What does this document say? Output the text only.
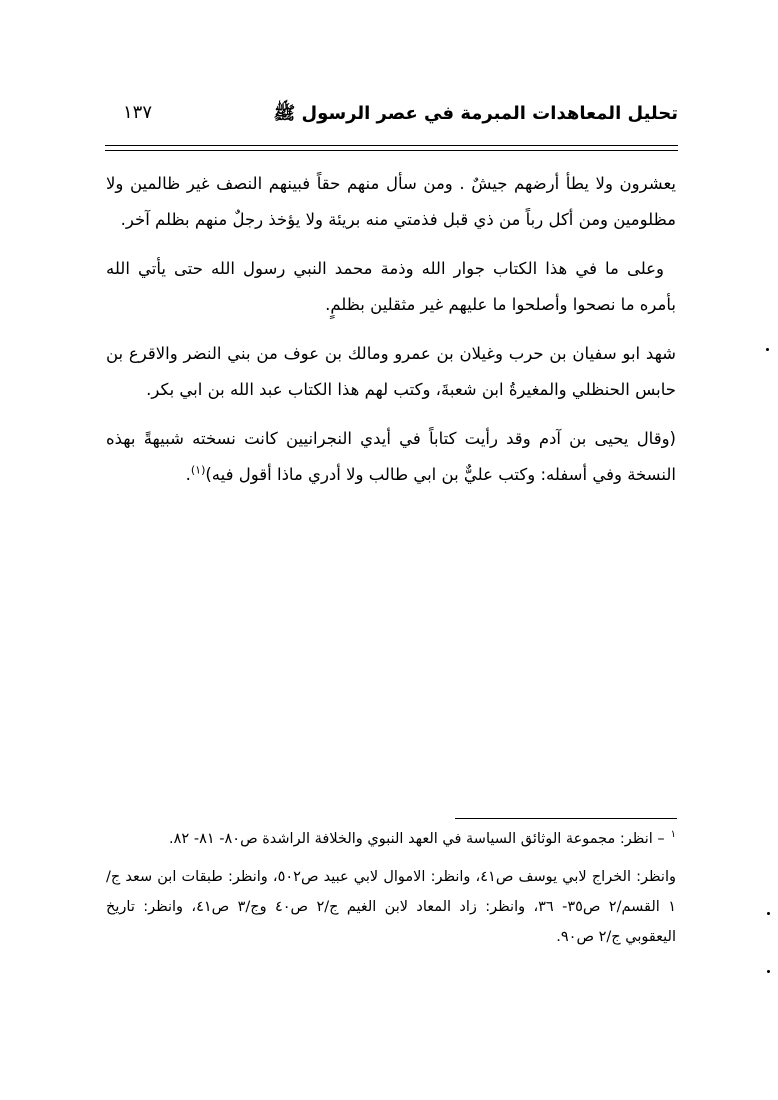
تحليل المعاهدات المبرمة في عصر الرسول ﷺ
١٣٧

يعشرون ولا يطأ أرضهم جيشٌ . ومن سأل منهم حقاً فبينهم النصف غير ظالمين ولا مظلومين ومن أكل رباً من ذي قبل فذمتي منه بريئة ولا يؤخذ رجلٌ منهم بظلم آخر.

وعلى ما في هذا الكتاب جوار الله وذمة محمد النبي رسول الله حتى يأتي الله بأمره ما نصحوا وأصلحوا ما عليهم غير مثقلين بظلمٍ.

شهد ابو سفيان بن حرب وغيلان بن عمرو ومالك بن عوف من بني النضر والاقرع بن حابس الحنظلي والمغيرةُ ابن شعبةَ، وكتب لهم هذا الكتاب عبد الله بن ابي بكر.

(وقال يحيى بن آدم وقد رأيت كتاباً في أيدي النجرانيين كانت نسخته شبيهةً بهذه النسخة وفي أسفله: وكتب عليٌّ بن ابي طالب ولا أدري ماذا أقول فيه)$^{(١)}$.

$^١$– انظر: مجموعة الوثائق السياسة في العهد النبوي والخلافة الراشدة ص٨٠- ٨١- ٨٢.

وانظر: الخراج لابي يوسف ص٤١، وانظر: الاموال لابي عبيد ص٥٠٢، وانظر: طبقات ابن سعد ج/١ القسم/٢ ص٣٥- ٣٦، وانظر: زاد المعاد لابن الغيم ج/٢ ص٤٠ وج/٣ ص٤١، وانظر: تاريخ اليعقوبي ج/٢ ص٩٠.
